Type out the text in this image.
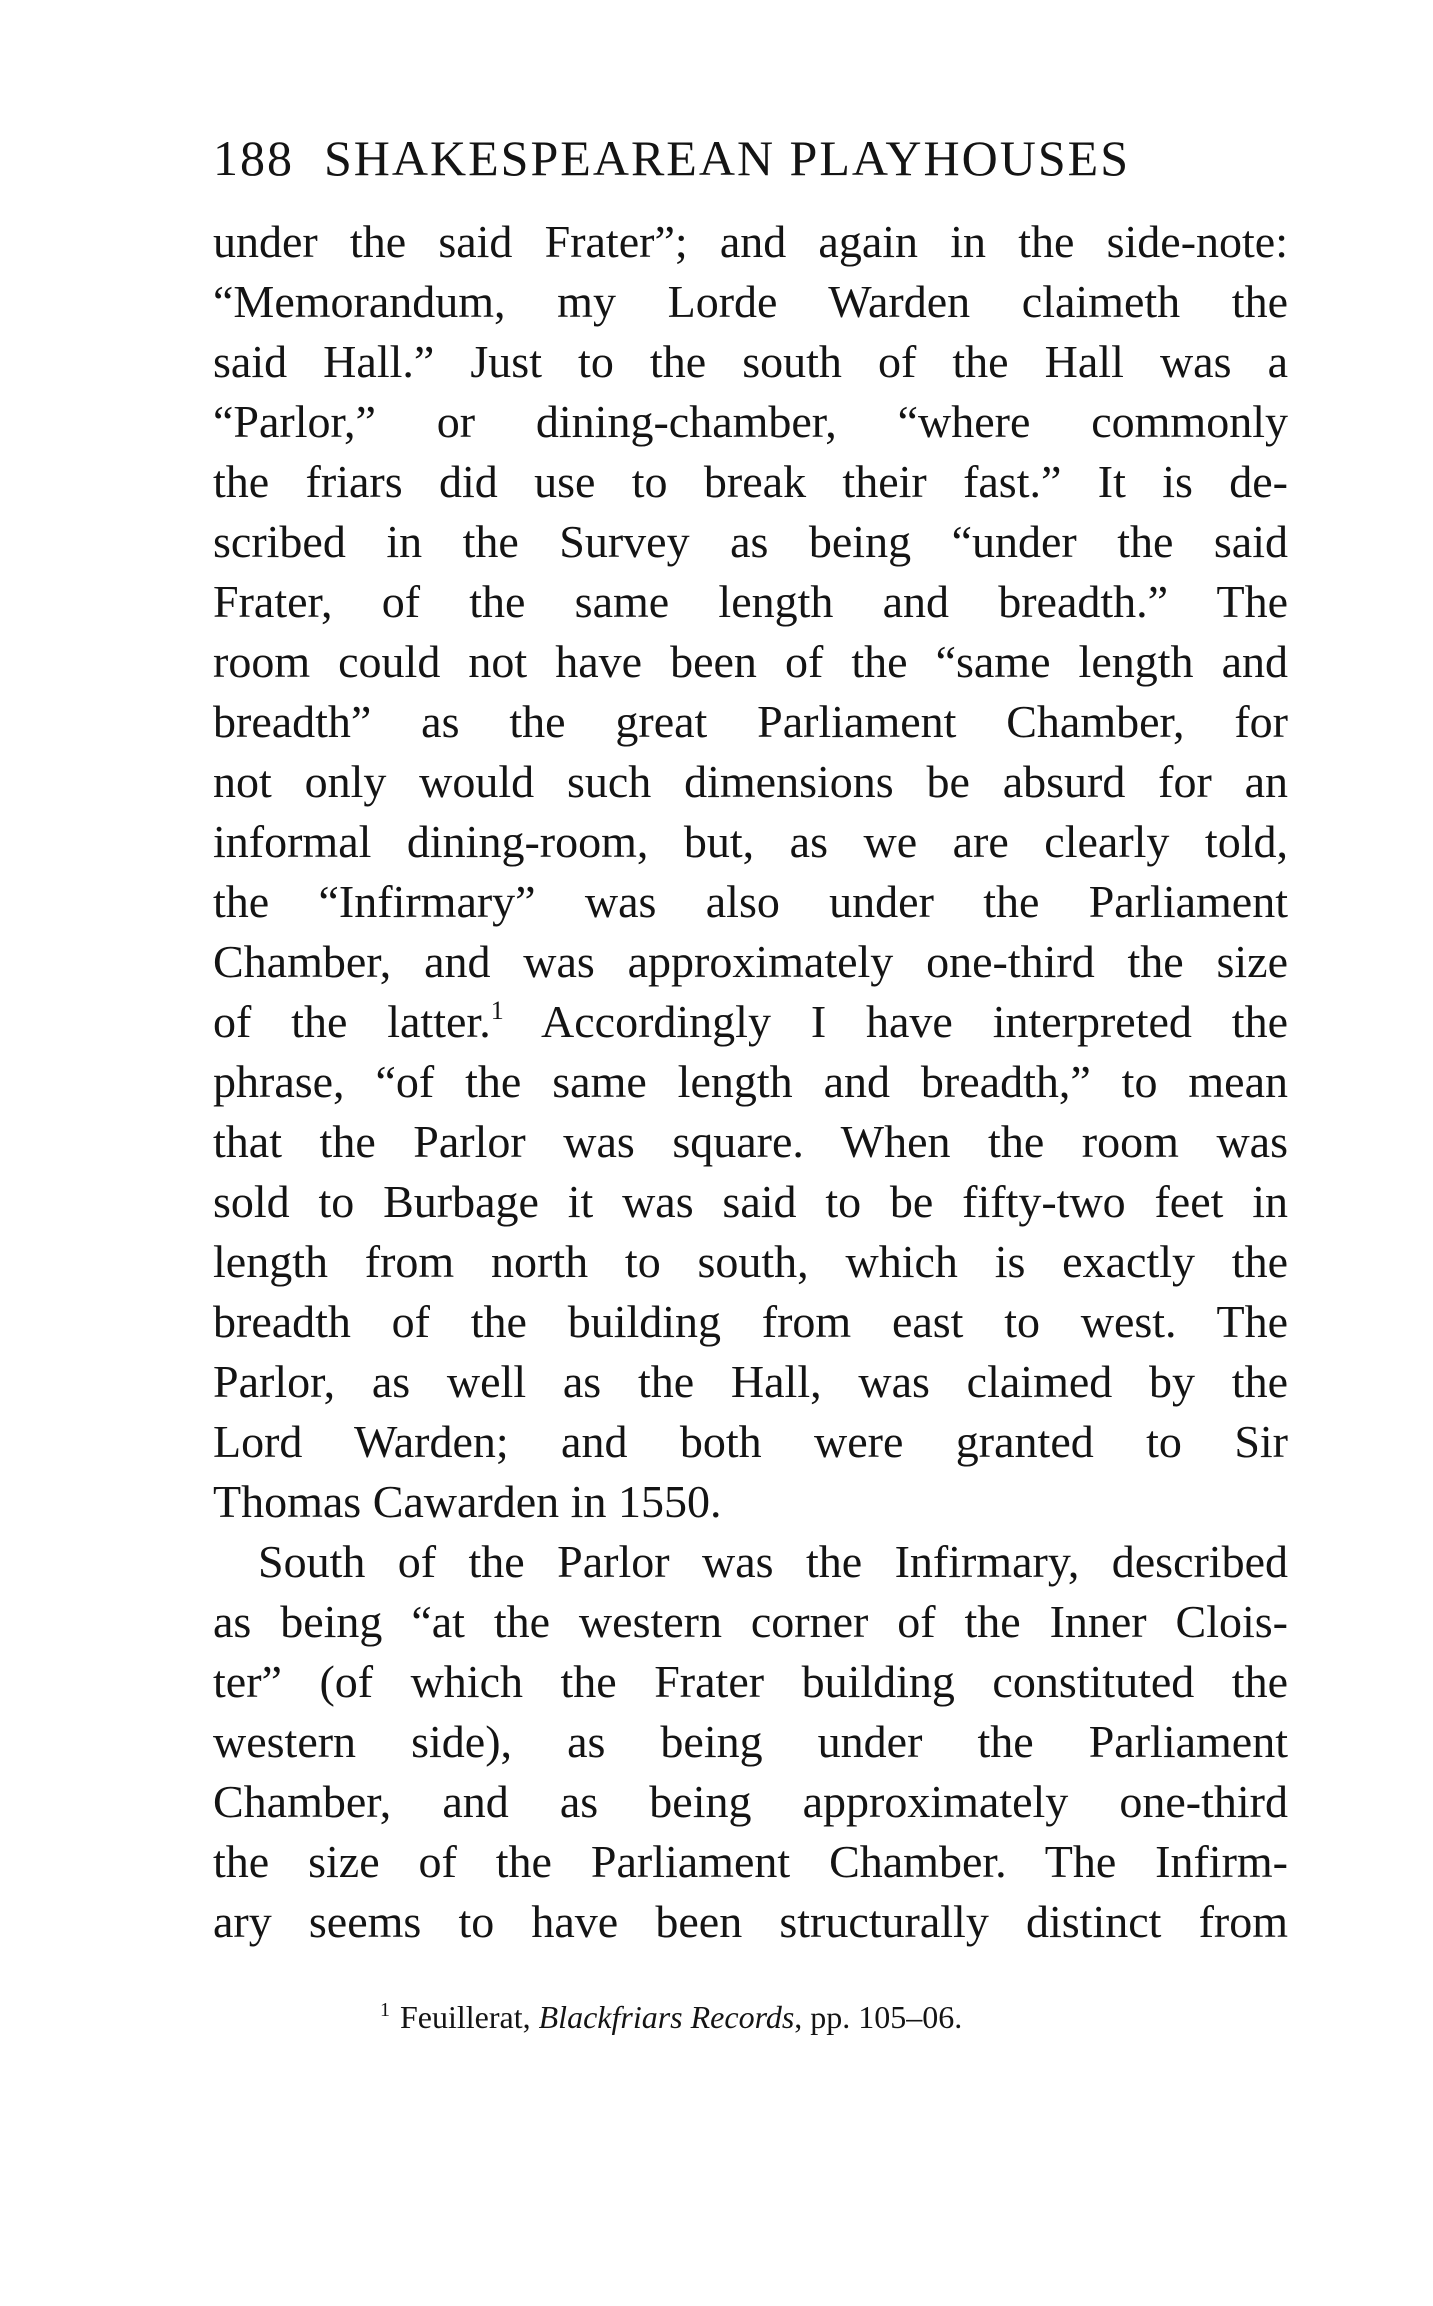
188 SHAKESPEAREAN PLAYHOUSES
under the said Frater”; and again in the side-note:
“Memorandum, my Lorde Warden claimeth the
said Hall.” Just to the south of the Hall was a
“Parlor,” or dining-chamber, “where commonly
the friars did use to break their fast.” It is de-
scribed in the Survey as being “under the said
Frater, of the same length and breadth.” The
room could not have been of the “same length and
breadth” as the great Parliament Chamber, for
not only would such dimensions be absurd for an
informal dining-room, but, as we are clearly told,
the “Infirmary” was also under the Parliament
Chamber, and was approximately one-third the size
of the latter.$^1$ Accordingly I have interpreted the
phrase, “of the same length and breadth,” to mean
that the Parlor was square. When the room was
sold to Burbage it was said to be fifty-two feet in
length from north to south, which is exactly the
breadth of the building from east to west. The
Parlor, as well as the Hall, was claimed by the
Lord Warden; and both were granted to Sir
Thomas Cawarden in 1550.
South of the Parlor was the Infirmary, described
as being “at the western corner of the Inner Clois-
ter” (of which the Frater building constituted the
western side), as being under the Parliament
Chamber, and as being approximately one-third
the size of the Parliament Chamber. The Infirm-
ary seems to have been structurally distinct from
$^1$ Feuillerat, Blackfriars Records, pp. 105–06.
